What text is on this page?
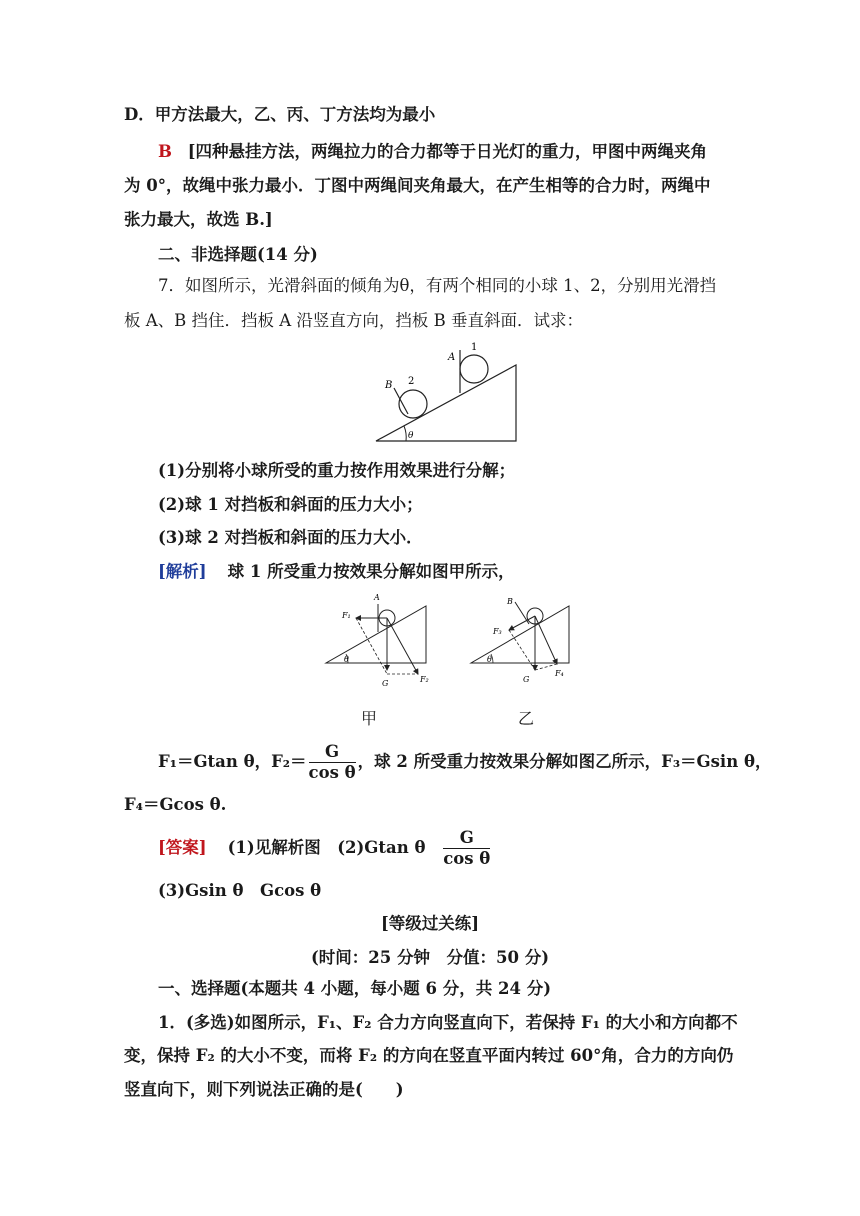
D．甲方法最大，乙、丙、丁方法均为最小
B [四种悬挂方法，两绳拉力的合力都等于日光灯的重力，甲图中两绳夹角
为 0°，故绳中张力最小．丁图中两绳间夹角最大，在产生相等的合力时，两绳中
张力最大，故选 B.]
二、非选择题(14 分)
7．如图所示，光滑斜面的倾角为θ，有两个相同的小球 1、2，分别用光滑挡
板 A、B 挡住．挡板 A 沿竖直方向，挡板 B 垂直斜面．试求：
A
1
B 2
θ
(1)分别将小球所受的重力按作用效果进行分解；
(2)球 1 对挡板和斜面的压力大小；
(3)球 2 对挡板和斜面的压力大小．
[解析] 球 1 所受重力按效果分解如图甲所示，
A
F₁
F₂
G
θ
B
F₃
F₄
G
θ
甲	乙
F₁＝Gtan θ，$F_2= \frac{G}{\text{cos θ}}$ ，球 2 所受重力按效果分解如图乙所示，F₃＝Gsin θ，
F₄＝Gcos θ.
[答案] (1)见解析图　(2)Gtan θ $\frac{G}{\text{cos θ}}$
(3)Gsin θ　Gcos θ
[等级过关练]
(时间：25 分钟　分值：50 分)
一、选择题(本题共 4 小题，每小题 6 分，共 24 分)
1．(多选)如图所示，F₁、F₂ 合力方向竖直向下，若保持 F₁ 的大小和方向都不
变，保持 F₂ 的大小不变，而将 F₂ 的方向在竖直平面内转过 60°角，合力的方向仍
竖直向下，则下列说法正确的是(　　)
